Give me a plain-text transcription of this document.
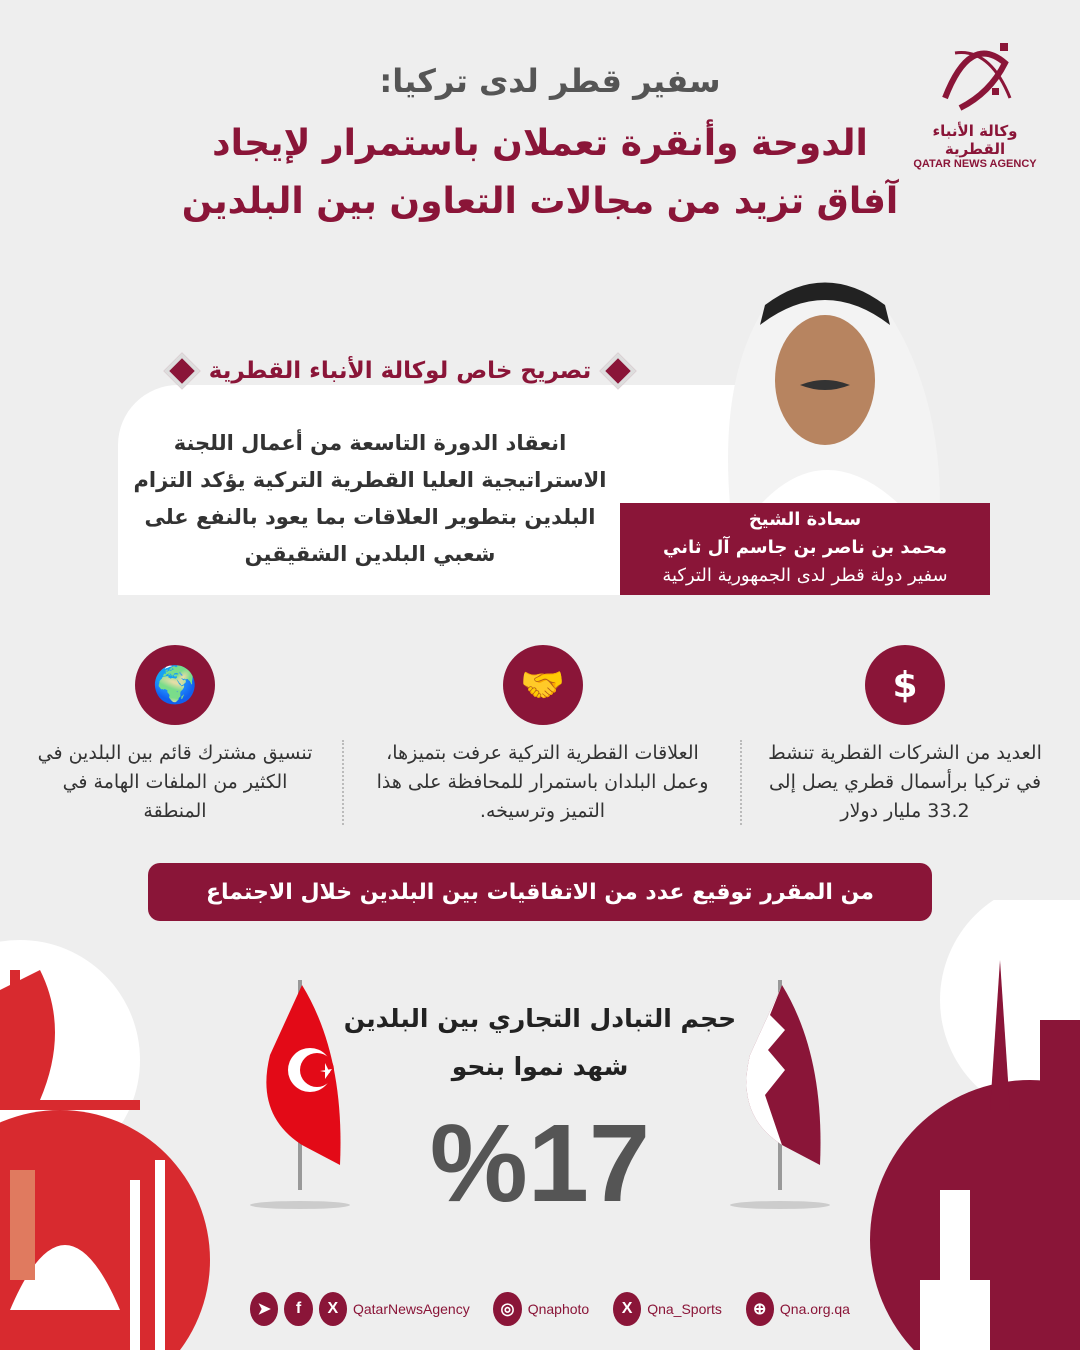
سفير قطر لدى تركيا:
الدوحة وأنقرة تعملان باستمرار لإيجاد
آفاق تزيد من مجالات التعاون بين البلدين
وكالة الأنباء القطرية
QATAR NEWS AGENCY
تصريح خاص لوكالة الأنباء القطرية
انعقاد الدورة التاسعة من أعمال اللجنة الاستراتيجية العليا القطرية التركية يؤكد التزام البلدين بتطوير العلاقات بما يعود بالنفع على شعبي البلدين الشقيقين
سعادة الشيخ
محمد بن ناصر بن جاسم آل ثاني
سفير دولة قطر لدى الجمهورية التركية
$
العديد من الشركات القطرية تنشط في تركيا برأسمال قطري يصل إلى 33.2 مليار دولار
🤝
العلاقات القطرية التركية عرفت بتميزها، وعمل البلدان باستمرار للمحافظة على هذا التميز وترسيخه.
🌍
تنسيق مشترك قائم بين البلدين في الكثير من الملفات الهامة في المنطقة
من المقرر توقيع عدد من الاتفاقيات بين البلدين خلال الاجتماع
حجم التبادل التجاري بين البلدين
شهد نموا بنحو
%17
➤	f	X	QatarNewsAgency	◎ Qnaphoto	X	Qna_Sports	⊕ Qna.org.qa
